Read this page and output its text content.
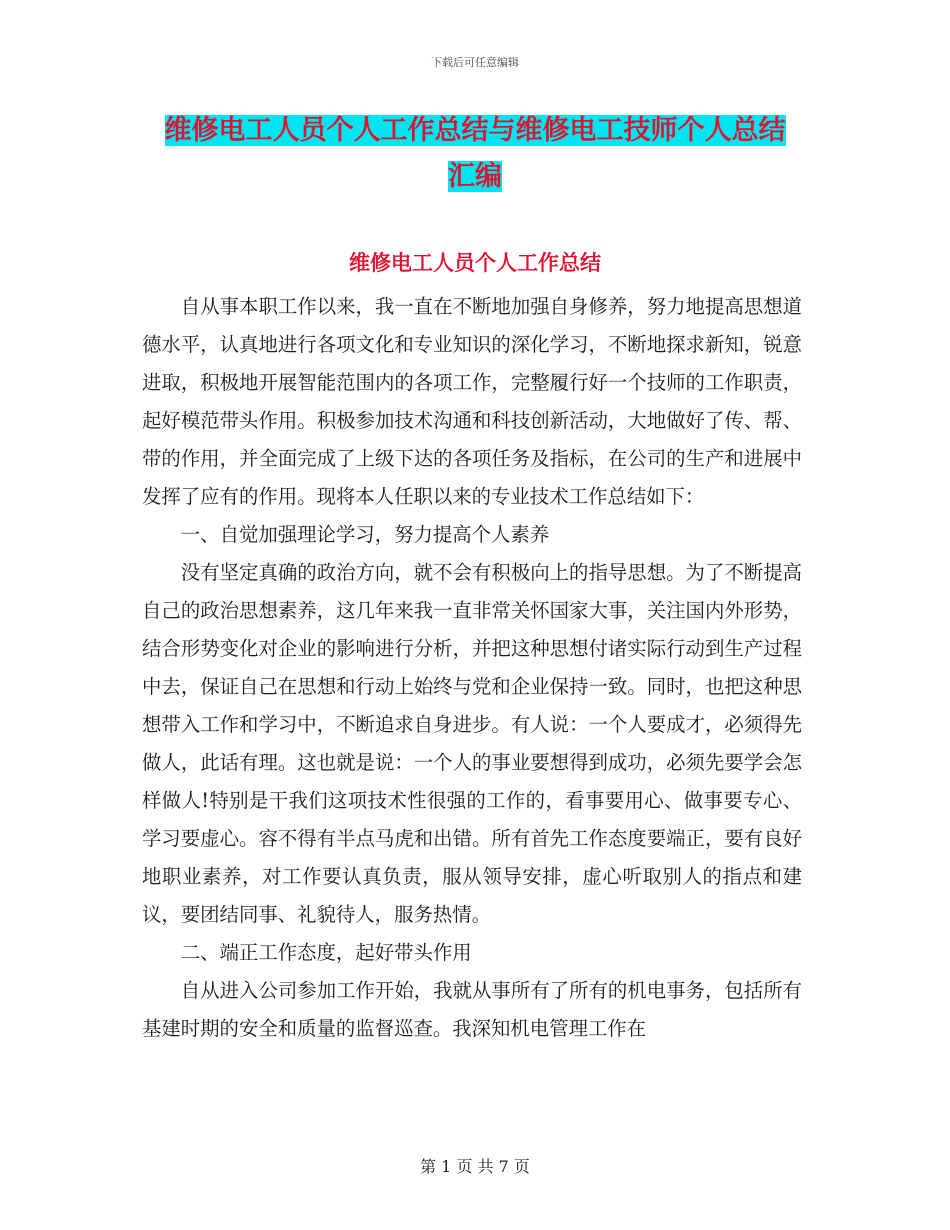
下载后可任意编辑
维修电工人员个人工作总结与维修电工技师个人总结
汇编
维修电工人员个人工作总结

自从事本职工作以来，我一直在不断地加强自身修养，努力地提高思想道德水平，认真地进行各项文化和专业知识的深化学习，不断地探求新知，锐意进取，积极地开展智能范围内的各项工作，完整履行好一个技师的工作职责，起好模范带头作用。积极参加技术沟通和科技创新活动，大地做好了传、帮、带的作用，并全面完成了上级下达的各项任务及指标，在公司的生产和进展中发挥了应有的作用。现将本人任职以来的专业技术工作总结如下：

一、自觉加强理论学习，努力提高个人素养

没有坚定真确的政治方向，就不会有积极向上的指导思想。为了不断提高自己的政治思想素养，这几年来我一直非常关怀国家大事，关注国内外形势，结合形势变化对企业的影响进行分析，并把这种思想付诸实际行动到生产过程中去，保证自己在思想和行动上始终与党和企业保持一致。同时，也把这种思想带入工作和学习中，不断追求自身进步。有人说：一个人要成才，必须得先做人，此话有理。这也就是说：一个人的事业要想得到成功，必须先要学会怎样做人!特别是干我们这项技术性很强的工作的，看事要用心、做事要专心、学习要虚心。容不得有半点马虎和出错。所有首先工作态度要端正，要有良好地职业素养，对工作要认真负责，服从领导安排，虚心听取别人的指点和建议，要团结同事、礼貌待人，服务热情。

二、端正工作态度，起好带头作用

自从进入公司参加工作开始，我就从事所有了所有的机电事务，包括所有基建时期的安全和质量的监督巡查。我深知机电管理工作在

第 1 页 共 7 页
